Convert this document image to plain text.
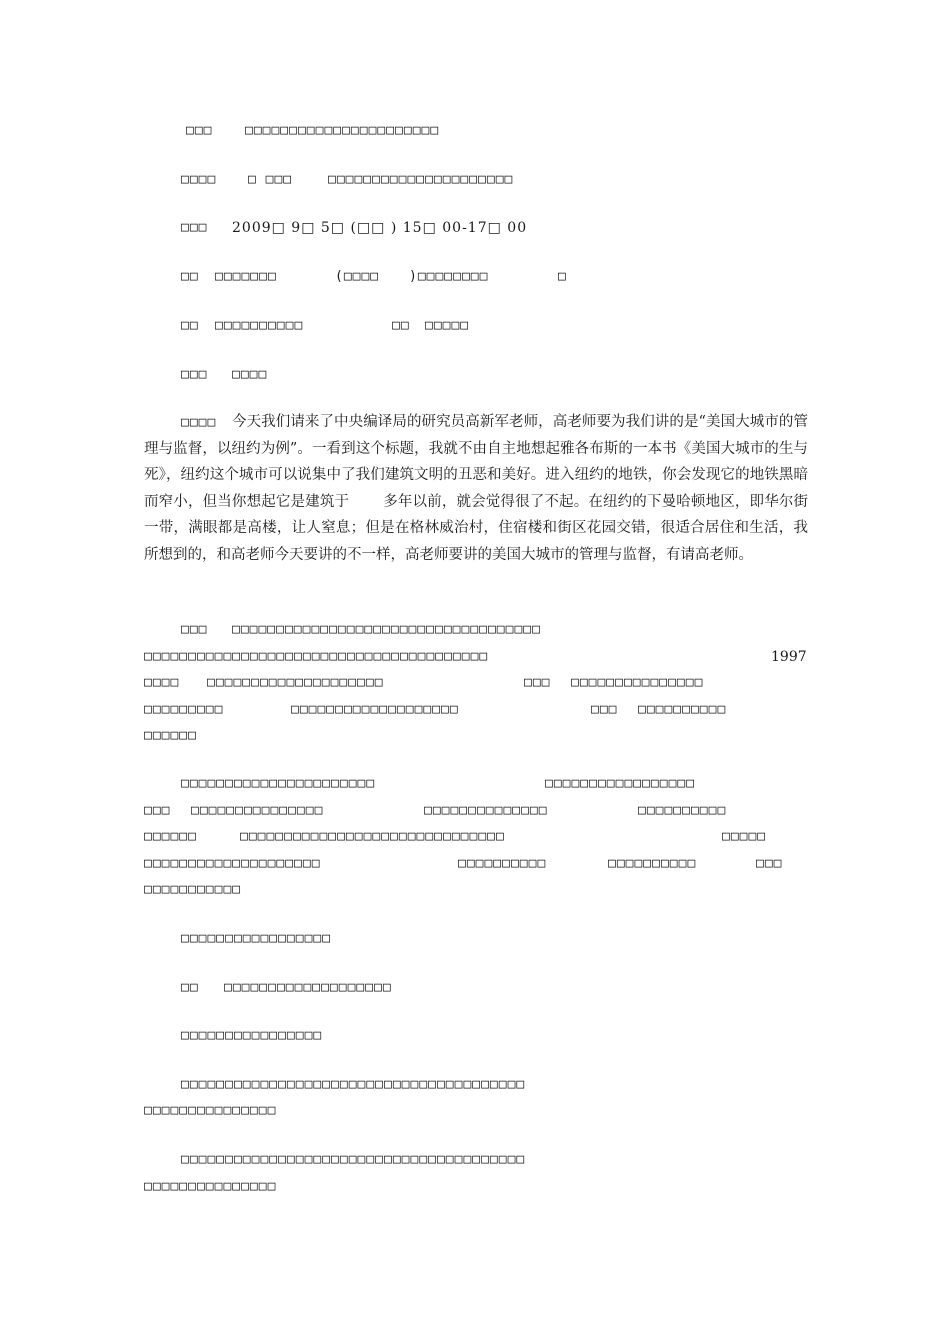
□□□	□□□□□□□□□□□□□□□□□□□□□□
□□□□ □ □□□	□□□□□□□□□□□□□□□□□□□□□
□□□ 2009□ 9□ 5□ (□□ ) 15□ 00-17□ 00
□□ □□□□□□□	(□□□□ )□□□□□□□□	□
□□ □□□□□□□□□□	□□ □□□□□
□□□ □□□□
□□□□	今天我们请来了中央编译局的研究员高新军老师，高老师要为我们讲的是“美国大城市的管理与监督，以纽约为例”。一看到这个标题，我就不由自主地想起雅各布斯的一本书《美国大城市的生与死》，纽约这个城市可以说集中了我们建筑文明的丑恶和美好。进入纽约的地铁，你会发现它的地铁黑暗而窄小，但当你想起它是建筑于 　　多年以前，就会觉得很了不起。在纽约的下曼哈顿地区，即华尔街一带，满眼都是高楼，让人窒息；但是在格林威治村，住宿楼和街区花园交错，很适合居住和生活，我所想到的，和高老师今天要讲的不一样，高老师要讲的美国大城市的管理与监督，有请高老师。
□□□ □□□□□□□□□□□□□□□□□□□□□□□□□□□□□□□□□□□
□□□□□□□□□□□□□□□□□□□□□□□□□□□□□□□□□□□□□□□	1997
□□□□ □□□□□□□□□□□□□□□□□□□□	□□□ □□□□□□□□□□□□□□□
□□□□□□□□□	□□□□□□□□□□□□□□□□□□□	□□□ □□□□□□□□□□
□□□□□□
□□□□□□□□□□□□□□□□□□□□□□	□□□□□□□□□□□□□□□□□
□□□ □□□□□□□□□□□□□□□	□□□□□□□□□□□□□□	□□□□□□□□□□
□□□□□□	□□□□□□□□□□□□□□□□□□□□□□□□□□□□□□	□□□□□
□□□□□□□□□□□□□□□□□□□□	□□□□□□□□□□	□□□□□□□□□□	□□□
□□□□□□□□□□□
□□□□□□□□□□□□□□□□□
□□ □□□□□□□□□□□□□□□□□□□
□□□□□□□□□□□□□□□□
□□□□□□□□□□□□□□□□□□□□□□□□□□□□□□□□□□□□□□□
□□□□□□□□□□□□□□□
□□□□□□□□□□□□□□□□□□□□□□□□□□□□□□□□□□□□□□□
□□□□□□□□□□□□□□□
